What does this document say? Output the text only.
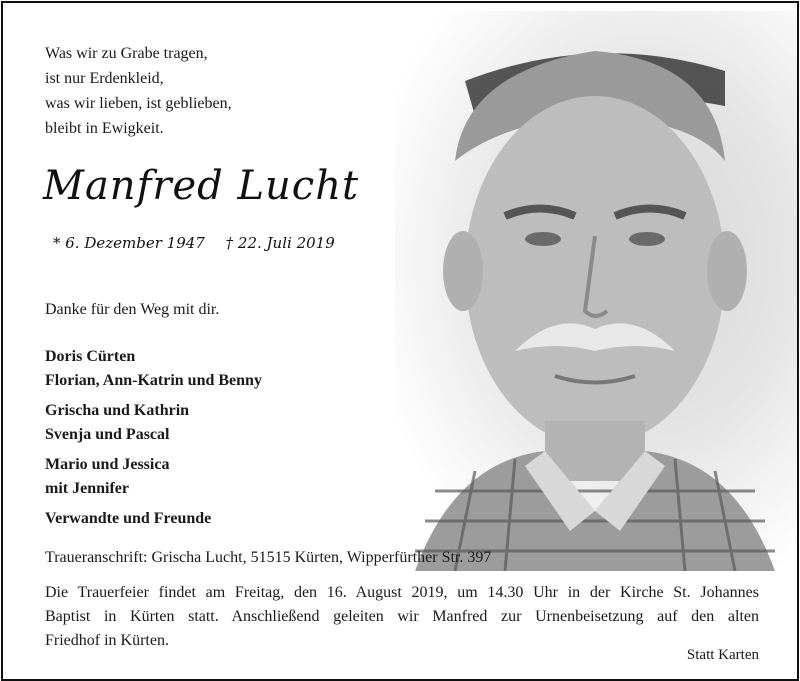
Was wir zu Grabe tragen,
ist nur Erdenkleid,
was wir lieben, ist geblieben,
bleibt in Ewigkeit.
Manfred Lucht
* 6. Dezember 1947 † 22. Juli 2019
Danke für den Weg mit dir.
Doris Cürten
Florian, Ann-Katrin und Benny
Grischa und Kathrin
Svenja und Pascal
Mario und Jessica
mit Jennifer
Verwandte und Freunde
Traueranschrift: Grischa Lucht, 51515 Kürten, Wipperfürther Str. 397
Die Trauerfeier findet am Freitag, den 16. August 2019, um 14.30 Uhr in der Kirche St. Johannes
Baptist in Kürten statt. Anschließend geleiten wir Manfred zur Urnenbeisetzung auf den alten
Friedhof in Kürten.
Statt Karten
